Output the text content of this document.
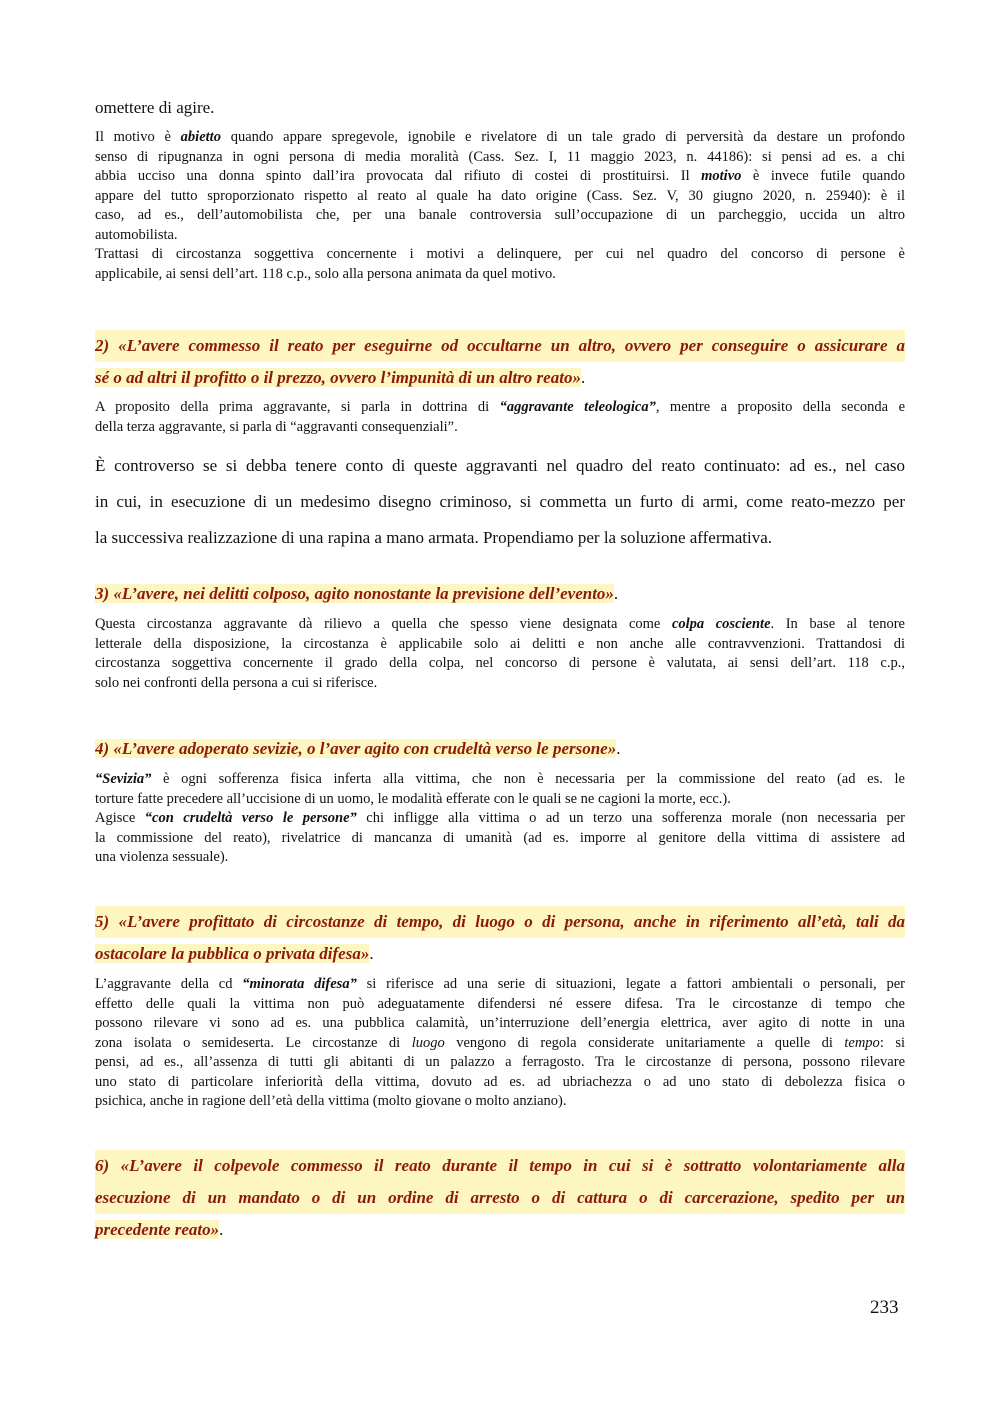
omettere di agire.

Il motivo è abietto quando appare spregevole, ignobile e rivelatore di un tale grado di perversità da destare un profondo
senso di ripugnanza in ogni persona di media moralità (Cass. Sez. I, 11 maggio 2023, n. 44186): si pensi ad es. a chi
abbia ucciso una donna spinto dall’ira provocata dal rifiuto di costei di prostituirsi. Il motivo è invece futile quando
appare del tutto sproporzionato rispetto al reato al quale ha dato origine (Cass. Sez. V, 30 giugno 2020, n. 25940): è il
caso, ad es., dell’automobilista che, per una banale controversia sull’occupazione di un parcheggio, uccida un altro
automobilista.
Trattasi di circostanza soggettiva concernente i motivi a delinquere, per cui nel quadro del concorso di persone è
applicabile, ai sensi dell’art. 118 c.p., solo alla persona animata da quel motivo.
2) «L’avere commesso il reato per eseguirne od occultarne un altro, ovvero per conseguire o assicurare a
sé o ad altri il profitto o il prezzo, ovvero l’impunità di un altro reato».
A proposito della prima aggravante, si parla in dottrina di “aggravante teleologica”, mentre a proposito della seconda e
della terza aggravante, si parla di “aggravanti consequenziali”.
È controverso se si debba tenere conto di queste aggravanti nel quadro del reato continuato: ad es., nel caso
in cui, in esecuzione di un medesimo disegno criminoso, si commetta un furto di armi, come reato-mezzo per
la successiva realizzazione di una rapina a mano armata. Propendiamo per la soluzione affermativa.
3) «L’avere, nei delitti colposo, agito nonostante la previsione dell’evento».
Questa circostanza aggravante dà rilievo a quella che spesso viene designata come colpa cosciente. In base al tenore
letterale della disposizione, la circostanza è applicabile solo ai delitti e non anche alle contravvenzioni. Trattandosi di
circostanza soggettiva concernente il grado della colpa, nel concorso di persone è valutata, ai sensi dell’art. 118 c.p.,
solo nei confronti della persona a cui si riferisce.
4) «L’avere adoperato sevizie, o l’aver agito con crudeltà verso le persone».
“Sevizia” è ogni sofferenza fisica inferta alla vittima, che non è necessaria per la commissione del reato (ad es. le
torture fatte precedere all’uccisione di un uomo, le modalità efferate con le quali se ne cagioni la morte, ecc.).
Agisce “con crudeltà verso le persone” chi infligge alla vittima o ad un terzo una sofferenza morale (non necessaria per
la commissione del reato), rivelatrice di mancanza di umanità (ad es. imporre al genitore della vittima di assistere ad
una violenza sessuale).
5) «L’avere profittato di circostanze di tempo, di luogo o di persona, anche in riferimento all’età, tali da
ostacolare la pubblica o privata difesa».
L’aggravante della cd “minorata difesa” si riferisce ad una serie di situazioni, legate a fattori ambientali o personali, per
effetto delle quali la vittima non può adeguatamente difendersi né essere difesa. Tra le circostanze di tempo che
possono rilevare vi sono ad es. una pubblica calamità, un’interruzione dell’energia elettrica, aver agito di notte in una
zona isolata o semideserta. Le circostanze di luogo vengono di regola considerate unitariamente a quelle di tempo: si
pensi, ad es., all’assenza di tutti gli abitanti di un palazzo a ferragosto. Tra le circostanze di persona, possono rilevare
uno stato di particolare inferiorità della vittima, dovuto ad es. ad ubriachezza o ad uno stato di debolezza fisica o
psichica, anche in ragione dell’età della vittima (molto giovane o molto anziano).
6) «L’avere il colpevole commesso il reato durante il tempo in cui si è sottratto volontariamente alla
esecuzione di un mandato o di un ordine di arresto o di cattura o di carcerazione, spedito per un
precedente reato».
233
